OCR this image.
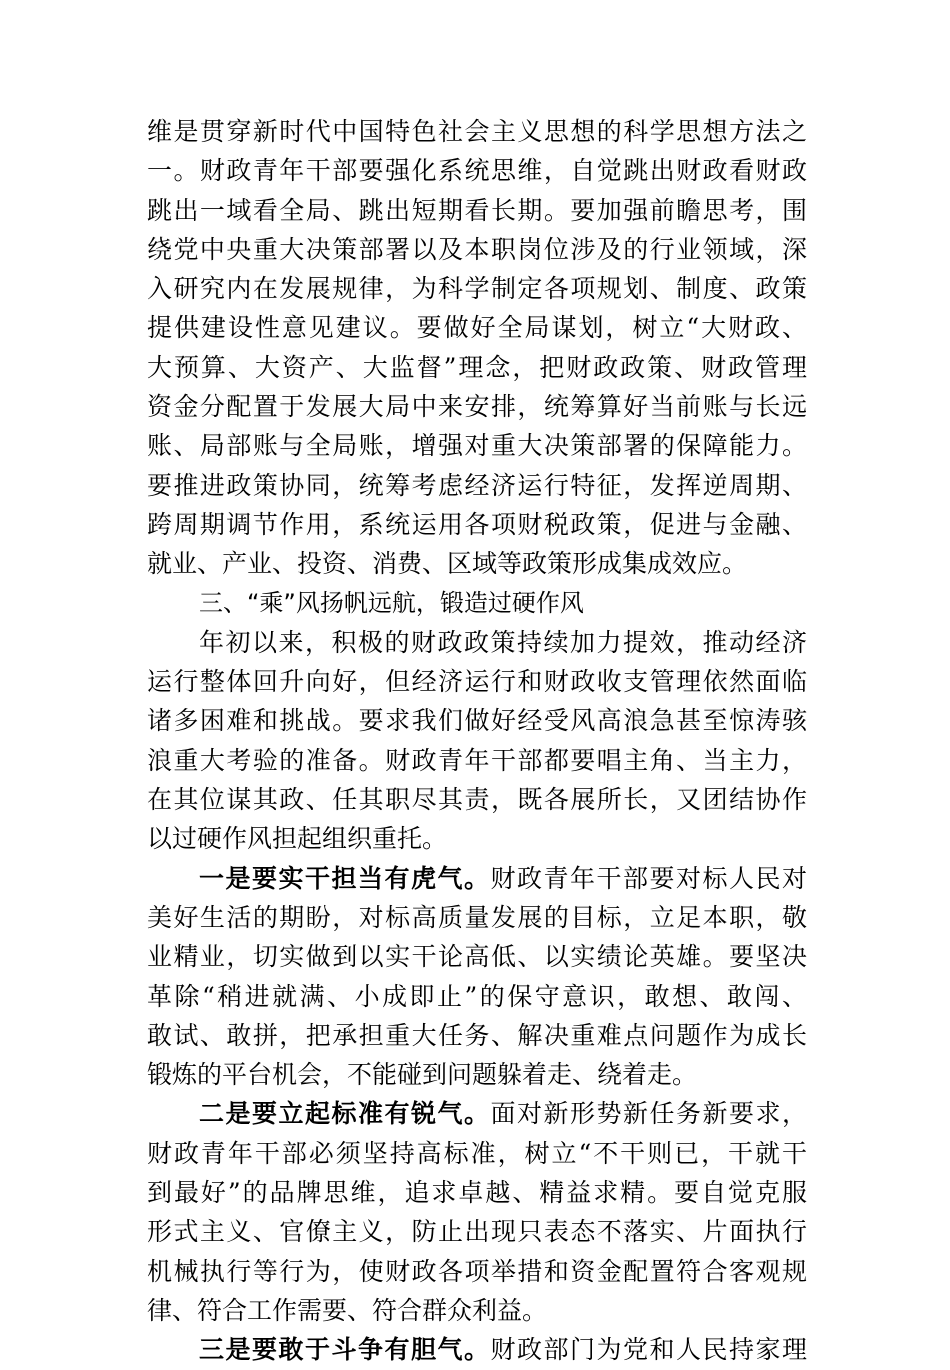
维是贯穿新时代中国特色社会主义思想的科学思想方法之
一。财政青年干部要强化系统思维，自觉跳出财政看财政
跳出一域看全局、跳出短期看长期。要加强前瞻思考，围
绕党中央重大决策部署以及本职岗位涉及的行业领域，深
入研究内在发展规律，为科学制定各项规划、制度、政策
提供建设性意见建议。要做好全局谋划，树立“大财政、
大预算、大资产、大监督”理念，把财政政策、财政管理
资金分配置于发展大局中来安排，统筹算好当前账与长远
账、局部账与全局账，增强对重大决策部署的保障能力。
要推进政策协同，统筹考虑经济运行特征，发挥逆周期、
跨周期调节作用，系统运用各项财税政策，促进与金融、
就业、产业、投资、消费、区域等政策形成集成效应。
三、“乘”风扬帆远航，锻造过硬作风
年初以来，积极的财政政策持续加力提效，推动经济
运行整体回升向好，但经济运行和财政收支管理依然面临
诸多困难和挑战。要求我们做好经受风高浪急甚至惊涛骇
浪重大考验的准备。财政青年干部都要唱主角、当主力，
在其位谋其政、任其职尽其责，既各展所长，又团结协作
以过硬作风担起组织重托。
一是要实干担当有虎气。财政青年干部要对标人民对
美好生活的期盼，对标高质量发展的目标，立足本职，敬
业精业，切实做到以实干论高低、以实绩论英雄。要坚决
革除“稍进就满、小成即止”的保守意识，敢想、敢闯、
敢试、敢拼，把承担重大任务、解决重难点问题作为成长
锻炼的平台机会，不能碰到问题躲着走、绕着走。
二是要立起标准有锐气。面对新形势新任务新要求，
财政青年干部必须坚持高标准，树立“不干则已，干就干
到最好”的品牌思维，追求卓越、精益求精。要自觉克服
形式主义、官僚主义，防止出现只表态不落实、片面执行
机械执行等行为，使财政各项举措和资金配置符合客观规
律、符合工作需要、符合群众利益。
三是要敢于斗争有胆气。财政部门为党和人民持家理
